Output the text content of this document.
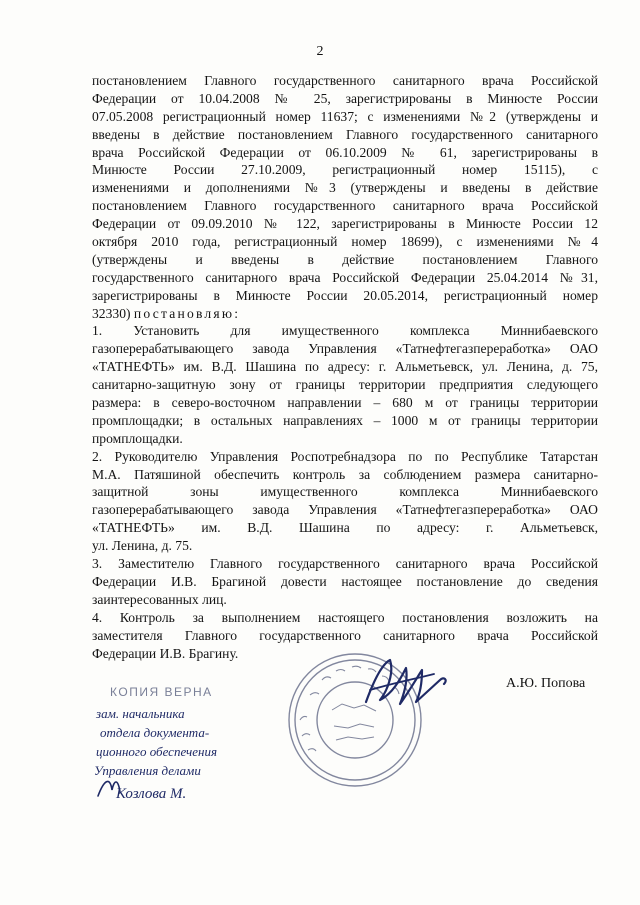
2
постановлением Главного государственного санитарного врача Российской
Федерации от 10.04.2008 № 25, зарегистрированы в Минюсте России
07.05.2008 регистрационный номер 11637; с изменениями №2 (утверждены и
введены в действие постановлением Главного государственного санитарного
врача Российской Федерации от 06.10.2009 № 61, зарегистрированы в
Минюсте России 27.10.2009, регистрационный номер 15115), с
изменениями и дополнениями №3 (утверждены и введены в действие
постановлением Главного государственного санитарного врача Российской
Федерации от 09.09.2010 № 122, зарегистрированы в Минюсте России 12
октября 2010 года, регистрационный номер 18699), с изменениями №4
(утверждены и введены в действие постановлением Главного
государственного санитарного врача Российской Федерации 25.04.2014 №31,
зарегистрированы в Минюсте России 20.05.2014, регистрационный номер
32330) постановляю:
1. Установить для имущественного комплекса Миннибаевского
газоперерабатывающего завода Управления «Татнефтегазпереработка» ОАО
«ТАТНЕФТЬ» им. В.Д. Шашина по адресу: г. Альметьевск, ул. Ленина, д. 75,
санитарно-защитную зону от границы территории предприятия следующего
размера: в северо-восточном направлении – 680 м от границы территории
промплощадки; в остальных направлениях – 1000 м от границы территории
промплощадки.
2. Руководителю Управления Роспотребнадзора по по Республике Татарстан
М.А. Патяшиной обеспечить контроль за соблюдением размера санитарно-
защитной зоны имущественного комплекса Миннибаевского
газоперерабатывающего завода Управления «Татнефтегазпереработка» ОАО
«ТАТНЕФТЬ» им. В.Д. Шашина по адресу: г. Альметьевск,
ул. Ленина, д. 75.
3. Заместителю Главного государственного санитарного врача Российской
Федерации И.В. Брагиной довести настоящее постановление до сведения
заинтересованных лиц.
4. Контроль за выполнением настоящего постановления возложить на
заместителя Главного государственного санитарного врача Российской
Федерации И.В. Брагину.
А.Ю. Попова
КОПИЯ ВЕРНА
зам. начальника
отдела документа-
ционного обеспечения
Управления делами
Козлова М.
